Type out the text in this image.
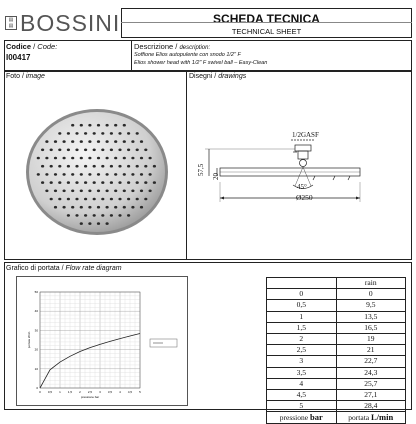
▤
▤ BOSSINI	SCHEDA TECNICA
TECHNICAL SHEET
Codice / Code:
I00417
Descrizione / description:
Soffione Elios autopulente con snodo 1/2" F
Elios shower head with 1/2" F swivel ball – Easy-Clean
Foto / image	Disegni / drawings
1/2GASF
57,5
20
45°
Ø250
Grafico di portata / Flow rate diagram
0 0,5 1 1,5 2 2,5 3 3,5 4 4,5 5
0
10
20
30
40
50
pressione bar
portata l/min
	rain
0	0
0,5	9,5
1	13,5
1,5	16,5
2	19
2,5	21
3	22,7
3,5	24,3
4	25,7
4,5	27,1
5	28,4
pressione bar	portata L/min
